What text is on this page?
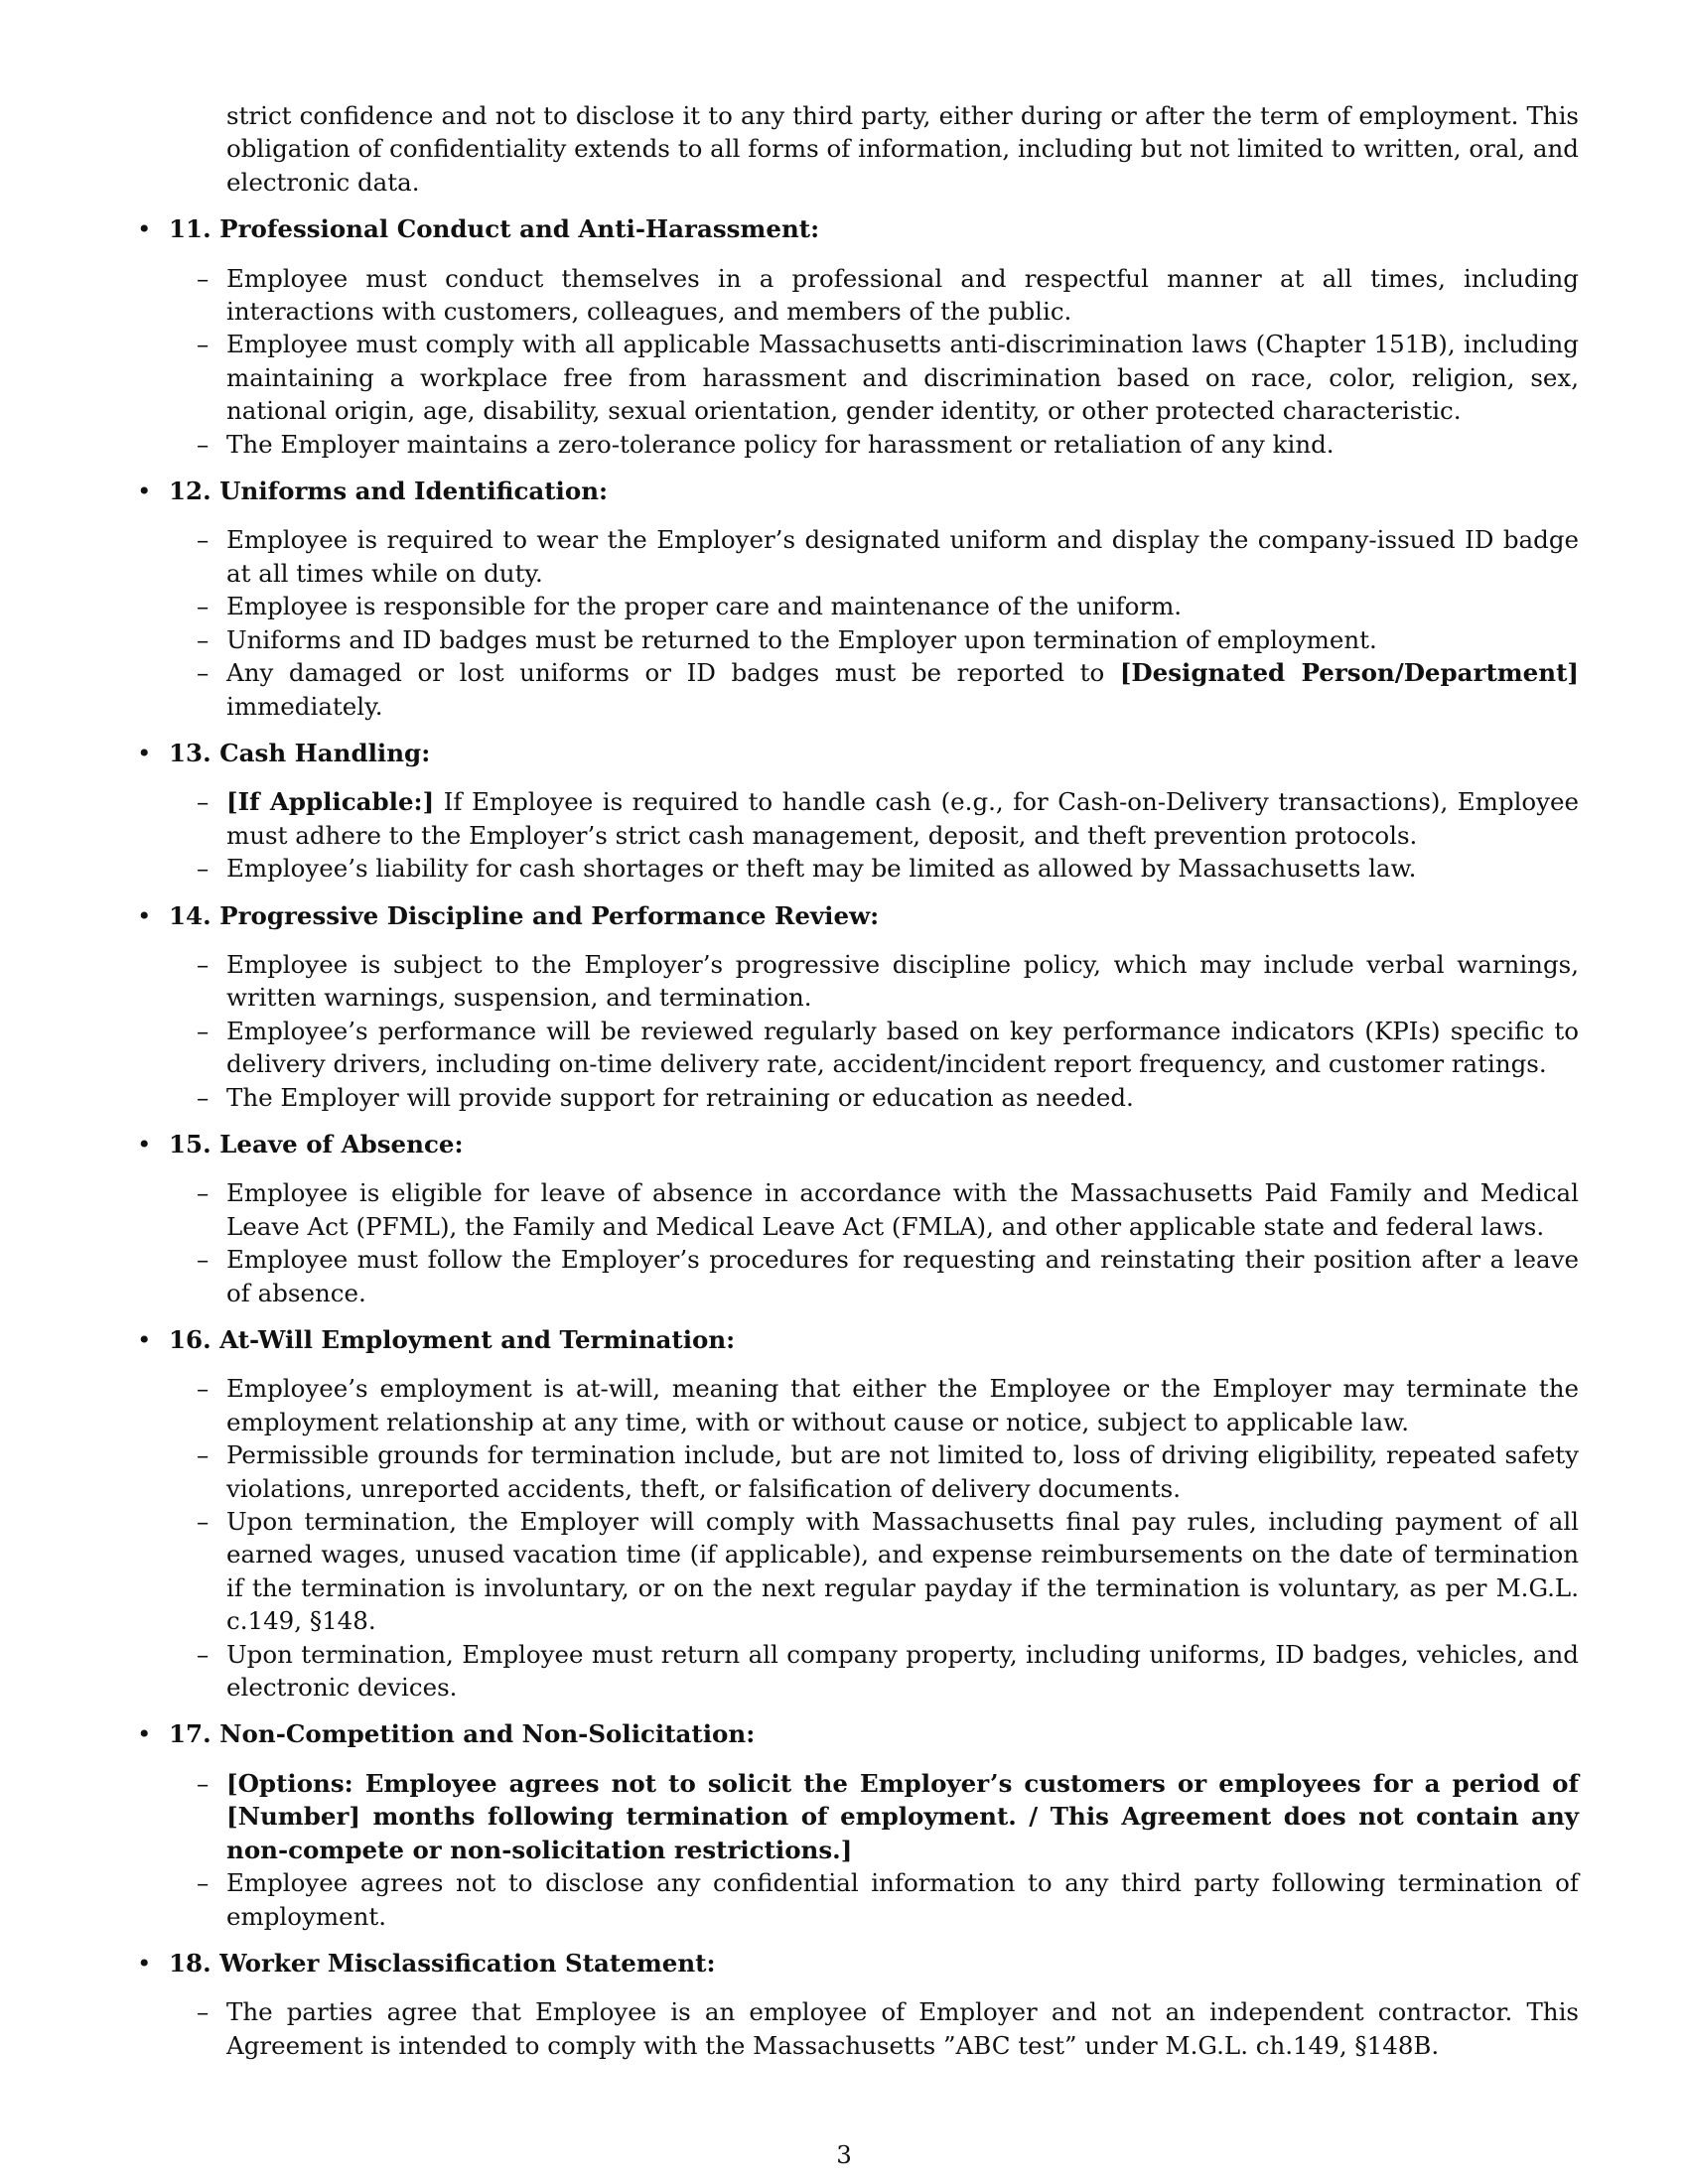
strict confidence and not to disclose it to any third party, either during or after the term of employment. This obligation of confidentiality extends to all forms of information, including but not limited to written, oral, and electronic data.

• 11. Professional Conduct and Anti-Harassment:

– Employee must conduct themselves in a professional and respectful manner at all times, including interactions with customers, colleagues, and members of the public.
– Employee must comply with all applicable Massachusetts anti-discrimination laws (Chapter 151B), including maintaining a workplace free from harassment and discrimination based on race, color, religion, sex, national origin, age, disability, sexual orientation, gender identity, or other protected characteristic.
– The Employer maintains a zero-tolerance policy for harassment or retaliation of any kind.

• 12. Uniforms and Identification:

– Employee is required to wear the Employer’s designated uniform and display the company-issued ID badge at all times while on duty.
– Employee is responsible for the proper care and maintenance of the uniform.
– Uniforms and ID badges must be returned to the Employer upon termination of employment.
– Any damaged or lost uniforms or ID badges must be reported to [Designated Person/Department] immediately.

• 13. Cash Handling:

– [If Applicable:] If Employee is required to handle cash (e.g., for Cash-on-Delivery transactions), Employee must adhere to the Employer’s strict cash management, deposit, and theft prevention protocols.
– Employee’s liability for cash shortages or theft may be limited as allowed by Massachusetts law.

• 14. Progressive Discipline and Performance Review:

– Employee is subject to the Employer’s progressive discipline policy, which may include verbal warnings, written warnings, suspension, and termination.
– Employee’s performance will be reviewed regularly based on key performance indicators (KPIs) specific to delivery drivers, including on-time delivery rate, accident/incident report frequency, and customer ratings.
– The Employer will provide support for retraining or education as needed.

• 15. Leave of Absence:

– Employee is eligible for leave of absence in accordance with the Massachusetts Paid Family and Medical Leave Act (PFML), the Family and Medical Leave Act (FMLA), and other applicable state and federal laws.
– Employee must follow the Employer’s procedures for requesting and reinstating their position after a leave of absence.

• 16. At-Will Employment and Termination:

– Employee’s employment is at-will, meaning that either the Employee or the Employer may terminate the employment relationship at any time, with or without cause or notice, subject to applicable law.
– Permissible grounds for termination include, but are not limited to, loss of driving eligibility, repeated safety violations, unreported accidents, theft, or falsification of delivery documents.
– Upon termination, the Employer will comply with Massachusetts final pay rules, including payment of all earned wages, unused vacation time (if applicable), and expense reimbursements on the date of termination if the termination is involuntary, or on the next regular payday if the termination is voluntary, as per M.G.L. c.149, §148.
– Upon termination, Employee must return all company property, including uniforms, ID badges, vehicles, and electronic devices.

• 17. Non-Competition and Non-Solicitation:

– [Options: Employee agrees not to solicit the Employer’s customers or employees for a period of [Number] months following termination of employment. / This Agreement does not contain any non-compete or non-solicitation restrictions.]
– Employee agrees not to disclose any confidential information to any third party following termination of employment.

• 18. Worker Misclassification Statement:

– The parties agree that Employee is an employee of Employer and not an independent contractor. This Agreement is intended to comply with the Massachusetts ”ABC test” under M.G.L. ch.149, §148B.
3
